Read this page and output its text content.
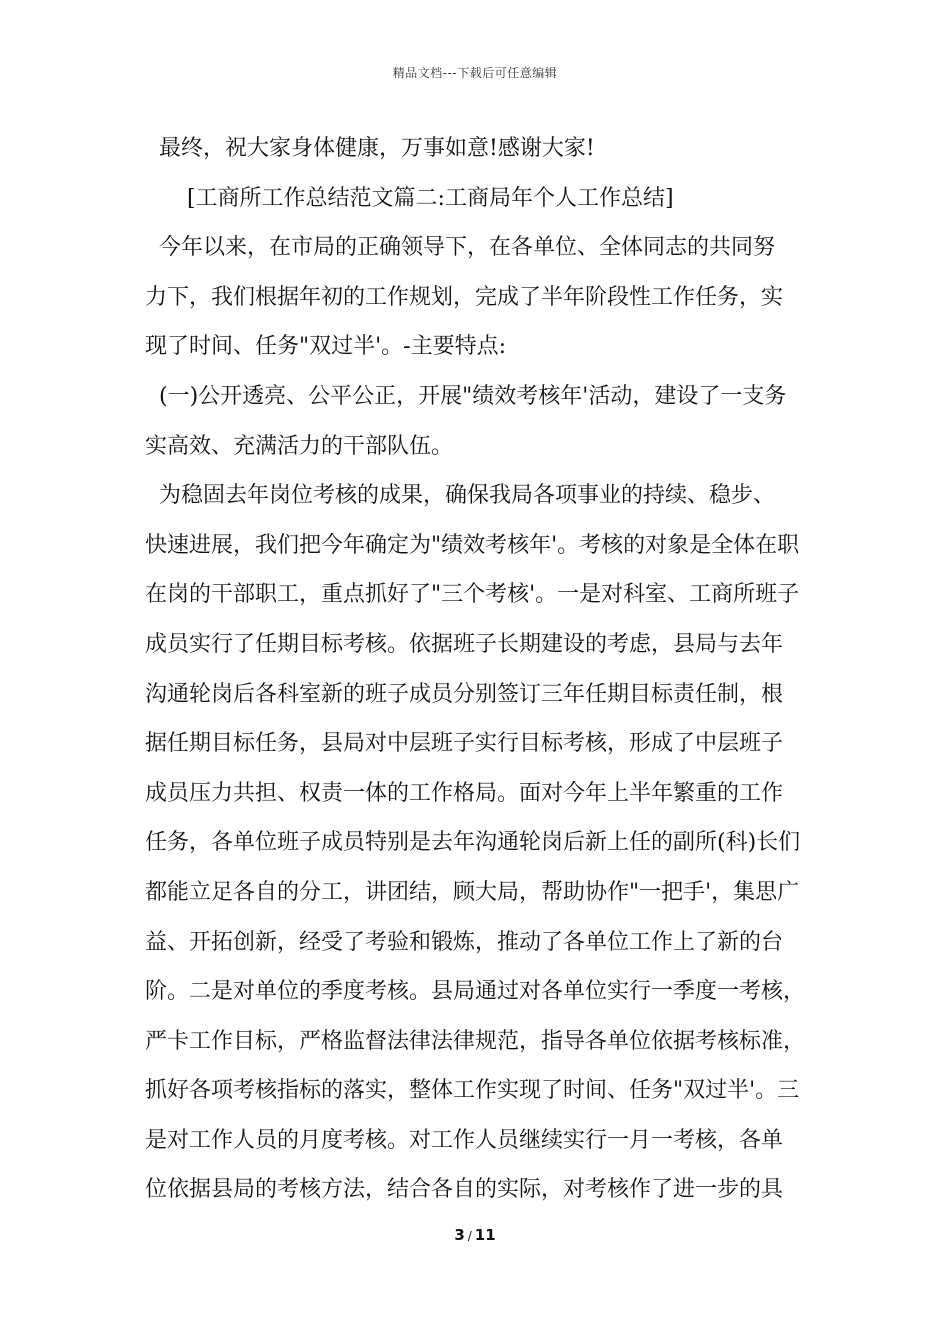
精品文档---下载后可任意编辑
最终，祝大家身体健康，万事如意!感谢大家!
[工商所工作总结范文篇二:工商局年个人工作总结]
今年以来，在市局的正确领导下，在各单位、全体同志的共同努
力下，我们根据年初的工作规划，完成了半年阶段性工作任务，实
现了时间、任务"双过半'。-主要特点:
(一)公开透亮、公平公正，开展"绩效考核年'活动，建设了一支务
实高效、充满活力的干部队伍。
为稳固去年岗位考核的成果，确保我局各项事业的持续、稳步、
快速进展，我们把今年确定为"绩效考核年'。考核的对象是全体在职
在岗的干部职工，重点抓好了"三个考核'。一是对科室、工商所班子
成员实行了任期目标考核。依据班子长期建设的考虑，县局与去年
沟通轮岗后各科室新的班子成员分别签订三年任期目标责任制，根
据任期目标任务，县局对中层班子实行目标考核，形成了中层班子
成员压力共担、权责一体的工作格局。面对今年上半年繁重的工作
任务，各单位班子成员特别是去年沟通轮岗后新上任的副所(科)长们
都能立足各自的分工，讲团结，顾大局，帮助协作"一把手'，集思广
益、开拓创新，经受了考验和锻炼，推动了各单位工作上了新的台
阶。二是对单位的季度考核。县局通过对各单位实行一季度一考核，
严卡工作目标，严格监督法律法律规范，指导各单位依据考核标准，
抓好各项考核指标的落实，整体工作实现了时间、任务"双过半'。三
是对工作人员的月度考核。对工作人员继续实行一月一考核，各单
位依据县局的考核方法，结合各自的实际，对考核作了进一步的具
3 / 11
